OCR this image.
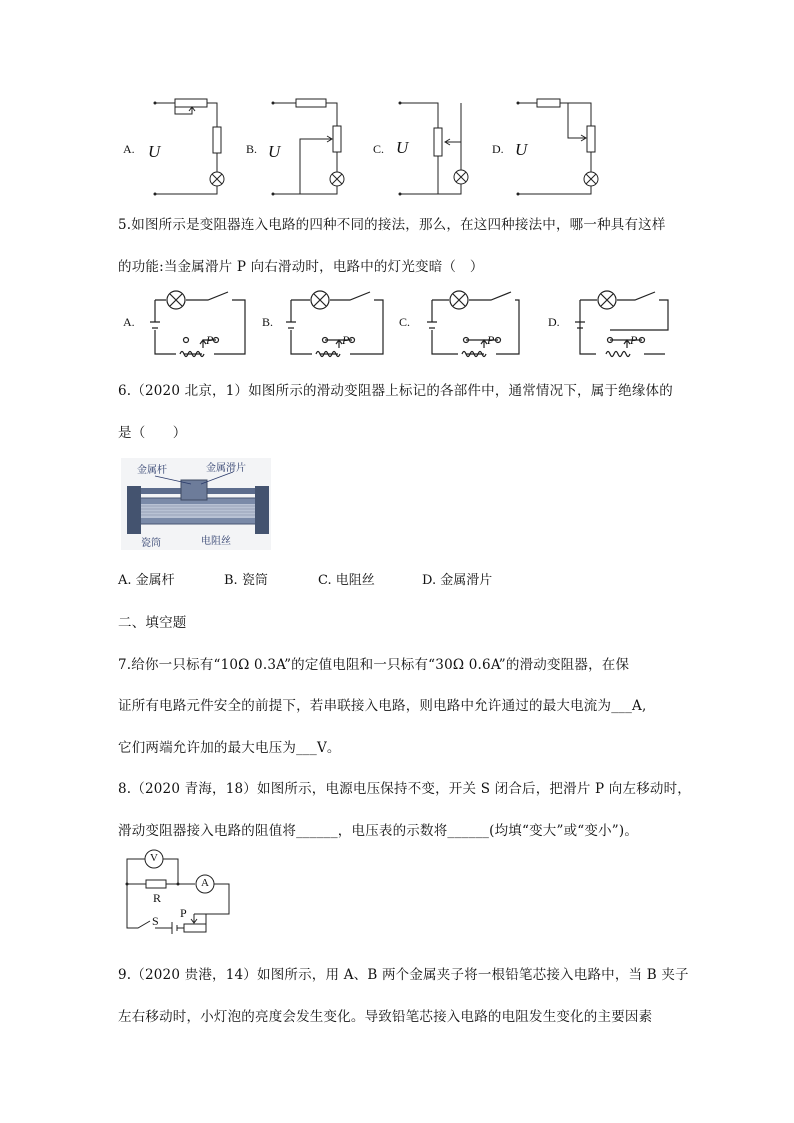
A. U	B. U	C. U	D. U
5.如图所示是变阻器连入电路的四种不同的接法，那么，在这四种接法中，哪一种具有这样
的功能:当金属滑片 P 向右滑动时，电路中的灯光变暗（　）
A.	B.	C.	D.
P	P	P	P
6.（2020 北京，1）如图所示的滑动变阻器上标记的各部件中，通常情况下，属于绝缘体的
是（　　）
金属杆	金属滑片
瓷筒	电阻丝
A. 金属杆	B. 瓷筒	C. 电阻丝	D. 金属滑片
二、填空题
7.给你一只标有“10Ω 0.3A”的定值电阻和一只标有“30Ω 0.6A”的滑动变阻器，在保
证所有电路元件安全的前提下，若串联接入电路，则电路中允许通过的最大电流为___A,
它们两端允许加的最大电压为___V。
8.（2020 青海，18）如图所示，电源电压保持不变，开关 S 闭合后，把滑片 P 向左移动时，
滑动变阻器接入电路的阻值将______，电压表的示数将______(均填“变大”或“变小”)。
V
A
R
S
P
9.（2020 贵港，14）如图所示，用 A、B 两个金属夹子将一根铅笔芯接入电路中，当 B 夹子
左右移动时，小灯泡的亮度会发生变化。导致铅笔芯接入电路的电阻发生变化的主要因素
